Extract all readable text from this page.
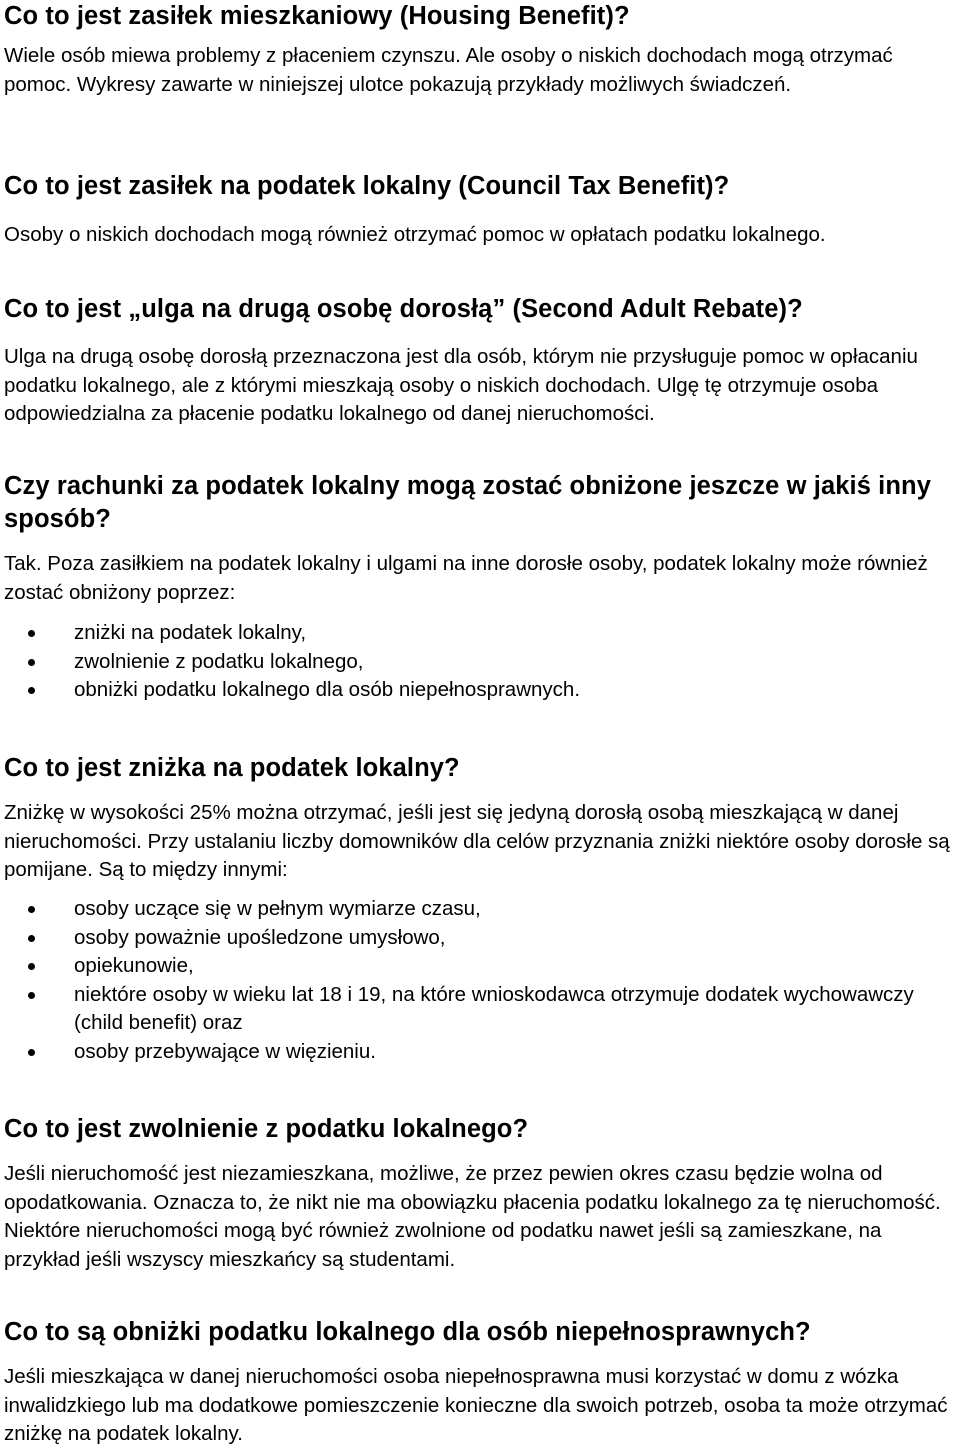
Co to jest zasiłek mieszkaniowy (Housing Benefit)?

Wiele osób miewa problemy z płaceniem czynszu. Ale osoby o niskich dochodach mogą otrzymać pomoc. Wykresy zawarte w niniejszej ulotce pokazują przykłady możliwych świadczeń.

Co to jest zasiłek na podatek lokalny (Council Tax Benefit)?

Osoby o niskich dochodach mogą również otrzymać pomoc w opłatach podatku lokalnego.

Co to jest „ulga na drugą osobę dorosłą” (Second Adult Rebate)?

Ulga na drugą osobę dorosłą przeznaczona jest dla osób, którym nie przysługuje pomoc w opłacaniu podatku lokalnego, ale z którymi mieszkają osoby o niskich dochodach. Ulgę tę otrzymuje osoba odpowiedzialna za płacenie podatku lokalnego od danej nieruchomości.

Czy rachunki za podatek lokalny mogą zostać obniżone jeszcze w jakiś inny sposób?

Tak. Poza zasiłkiem na podatek lokalny i ulgami na inne dorosłe osoby, podatek lokalny może również zostać obniżony poprzez:

zniżki na podatek lokalny,
zwolnienie z podatku lokalnego,
obniżki podatku lokalnego dla osób niepełnosprawnych.
Co to jest zniżka na podatek lokalny?

Zniżkę w wysokości 25% można otrzymać, jeśli jest się jedyną dorosłą osobą mieszkającą w danej nieruchomości. Przy ustalaniu liczby domowników dla celów przyznania zniżki niektóre osoby dorosłe są pomijane. Są to między innymi:

osoby uczące się w pełnym wymiarze czasu,
osoby poważnie upośledzone umysłowo,
opiekunowie,
niektóre osoby w wieku lat 18 i 19, na które wnioskodawca otrzymuje dodatek wychowawczy (child benefit) oraz
osoby przebywające w więzieniu.
Co to jest zwolnienie z podatku lokalnego?

Jeśli nieruchomość jest niezamieszkana, możliwe, że przez pewien okres czasu będzie wolna od opodatkowania. Oznacza to, że nikt nie ma obowiązku płacenia podatku lokalnego za tę nieruchomość. Niektóre nieruchomości mogą być również zwolnione od podatku nawet jeśli są zamieszkane, na przykład jeśli wszyscy mieszkańcy są studentami.

Co to są obniżki podatku lokalnego dla osób niepełnosprawnych?

Jeśli mieszkająca w danej nieruchomości osoba niepełnosprawna musi korzystać w domu z wózka inwalidzkiego lub ma dodatkowe pomieszczenie konieczne dla swoich potrzeb, osoba ta może otrzymać zniżkę na podatek lokalny.
